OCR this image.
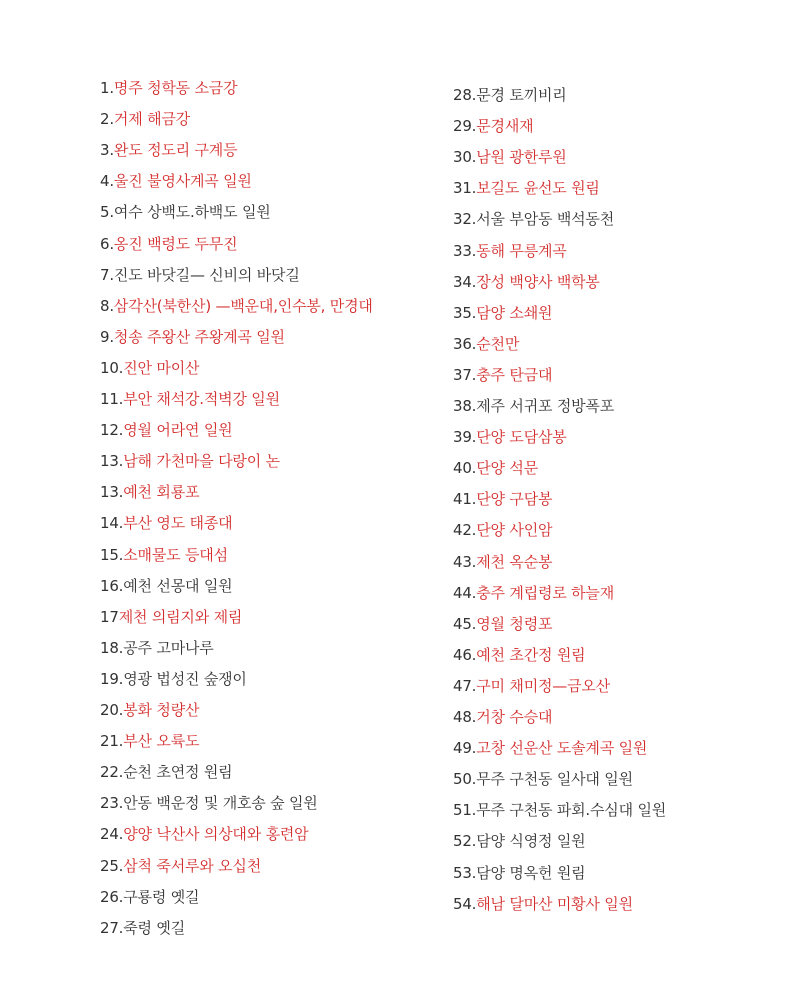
1.명주 청학동 소금강
2.거제 해금강
3.완도 정도리 구계등
4.울진 불영사계곡 일원
5.여수 상백도.하백도 일원
6.옹진 백령도 두무진
7.진도 바닷길— 신비의 바닷길
8.삼각산(북한산) —백운대,인수봉, 만경대
9.청송 주왕산 주왕계곡 일원
10.진안 마이산
11.부안 채석강.적벽강 일원
12.영월 어라연 일원
13.남해 가천마을 다랑이 논
13.예천 회룡포
14.부산 영도 태종대
15.소매물도 등대섬
16.예천 선몽대 일원
17제천 의림지와 제림
18.공주 고마나루
19.영광 법성진 숲쟁이
20.봉화 청량산
21.부산 오륙도
22.순천 초연정 원림
23.안동 백운정 및 개호송 숲 일원
24.양양 낙산사 의상대와 홍련암
25.삼척 죽서루와 오십천
26.구룡령 옛길
27.죽령 옛길
28.문경 토끼비리
29.문경새재
30.남원 광한루원
31.보길도 윤선도 원림
32.서울 부암동 백석동천
33.동해 무릉계곡
34.장성 백양사 백학봉
35.담양 소쇄원
36.순천만
37.충주 탄금대
38.제주 서귀포 정방폭포
39.단양 도담삼봉
40.단양 석문
41.단양 구담봉
42.단양 사인암
43.제천 옥순봉
44.충주 계립령로 하늘재
45.영월 청령포
46.예천 초간정 원림
47.구미 채미정—금오산
48.거창 수승대
49.고창 선운산 도솔계곡 일원
50.무주 구천동 일사대 일원
51.무주 구천동 파회.수심대 일원
52.담양 식영정 일원
53.담양 명옥헌 원림
54.해남 달마산 미황사 일원
